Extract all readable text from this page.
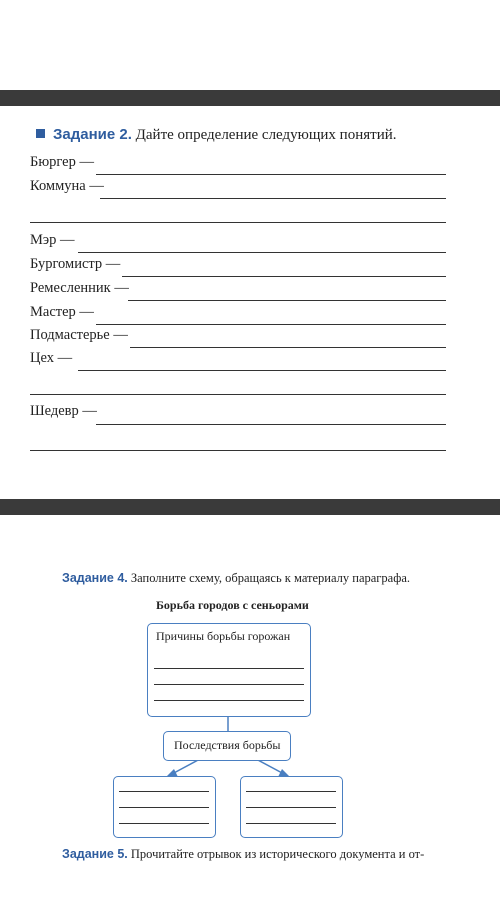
Задание 2. Дайте определение следующих понятий.
Бюргер —
Коммуна —
Мэр —
Бургомистр —
Ремесленник —
Мастер —
Подмастерье —
Цех —
Шедевр —
Задание 4. Заполните схему, обращаясь к материалу параграфа.
Борьба городов с сеньорами
Причины борьбы горожан
Последствия борьбы
Задание 5. Прочитайте отрывок из исторического документа и от-
